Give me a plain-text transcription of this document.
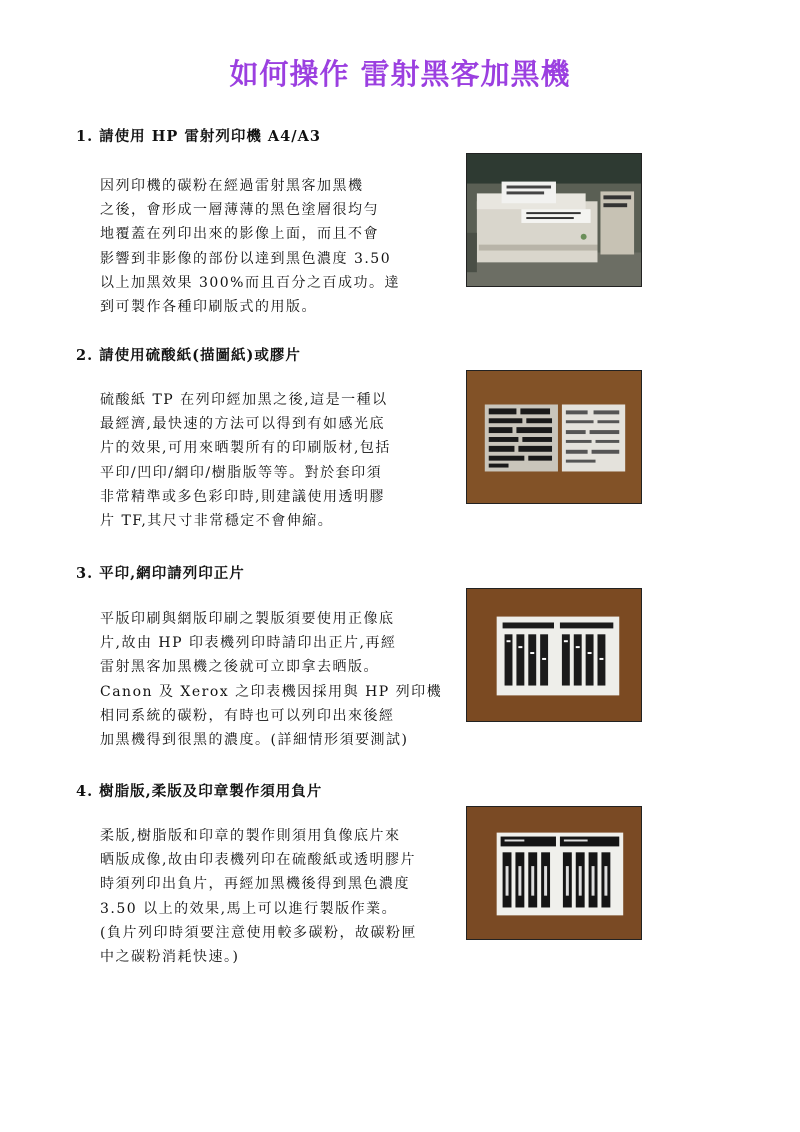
如何操作 雷射黑客加黑機
1. 請使用 HP 雷射列印機 A4/A3
因列印機的碳粉在經過雷射黑客加黑機
之後，會形成一層薄薄的黑色塗層很均勻
地覆蓋在列印出來的影像上面，而且不會
影響到非影像的部份以達到黑色濃度 3.50
以上加黑效果 300%而且百分之百成功。達
到可製作各種印刷版式的用版。
2. 請使用硫酸紙(描圖紙)或膠片
硫酸紙 TP 在列印經加黑之後,這是一種以
最經濟,最快速的方法可以得到有如感光底
片的效果,可用來晒製所有的印刷版材,包括
平印/凹印/網印/樹脂版等等。對於套印須
非常精準或多色彩印時,則建議使用透明膠
片 TF,其尺寸非常穩定不會伸縮。
3. 平印,網印請列印正片
平版印刷與網版印刷之製版須要使用正像底
片,故由 HP 印表機列印時請印出正片,再經
雷射黑客加黑機之後就可立即拿去晒版。
Canon 及 Xerox 之印表機因採用與 HP 列印機
相同系統的碳粉，有時也可以列印出來後經
加黑機得到很黑的濃度。(詳細情形須要測試)
4. 樹脂版,柔版及印章製作須用負片
柔版,樹脂版和印章的製作則須用負像底片來
晒版成像,故由印表機列印在硫酸紙或透明膠片
時須列印出負片，再經加黑機後得到黑色濃度
3.50 以上的效果,馬上可以進行製版作業。
(負片列印時須要注意使用較多碳粉，故碳粉匣
中之碳粉消耗快速。)
